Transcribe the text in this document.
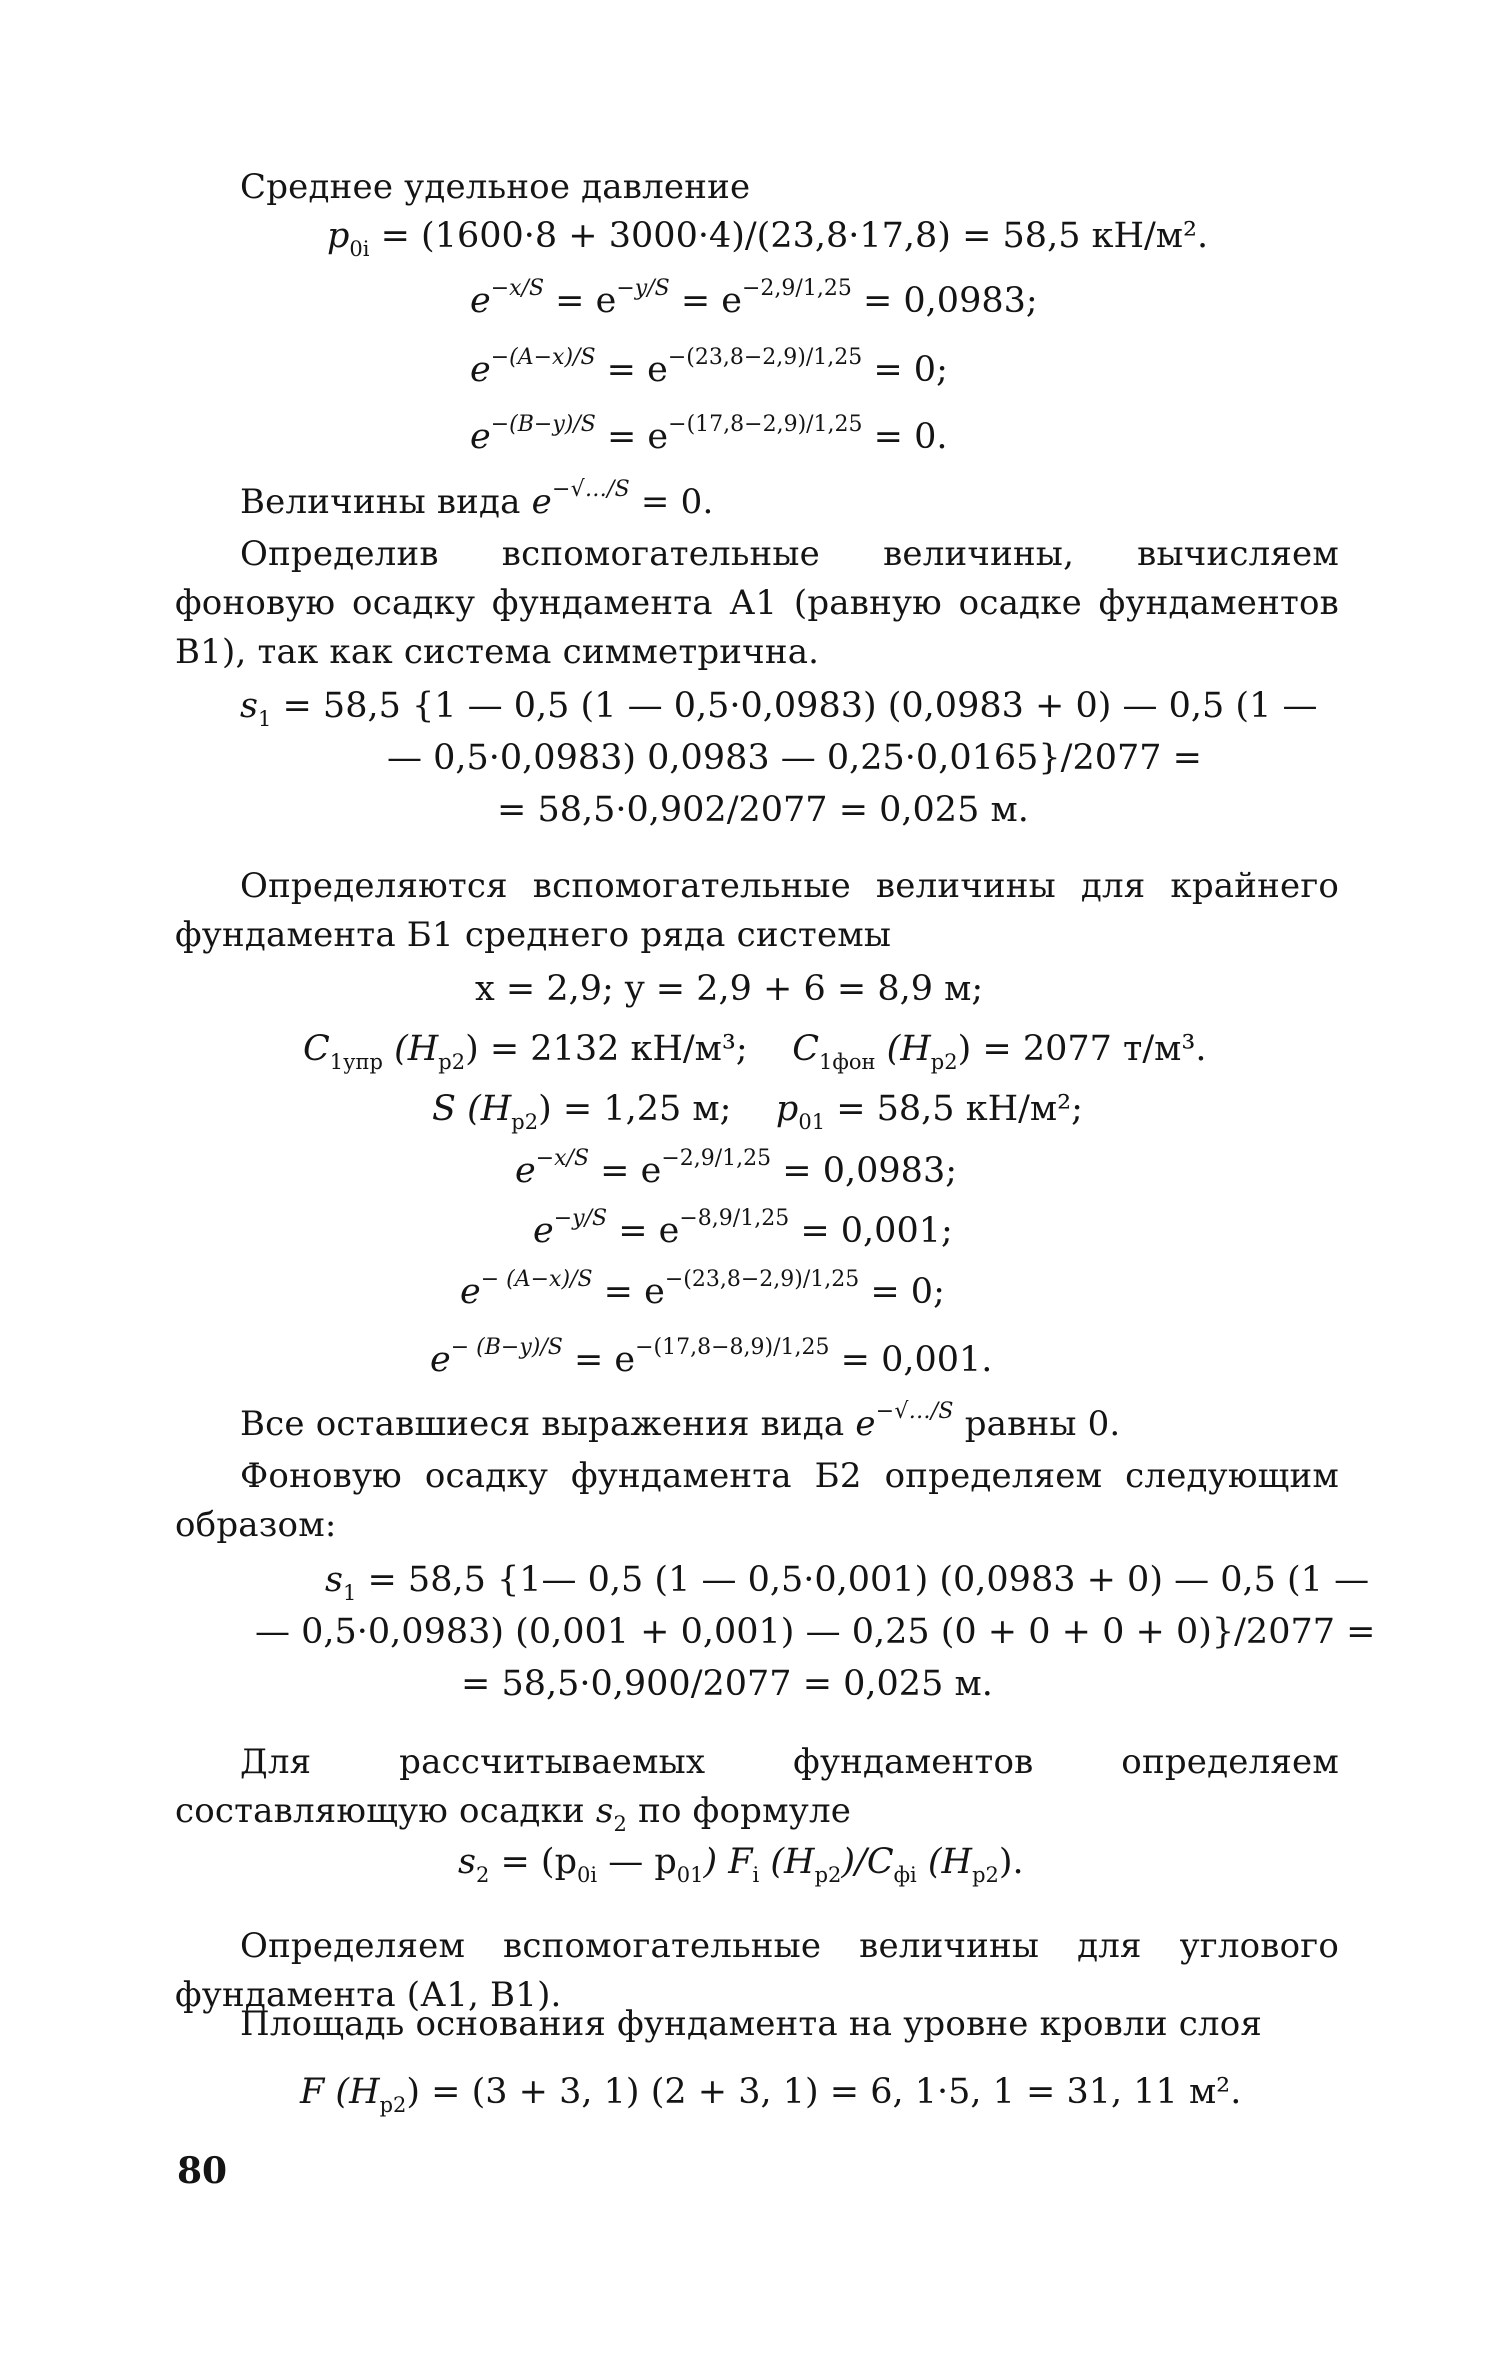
Среднее удельное давление

$p_{0i} = (1600\cdot 8 + 3000\cdot 4)/(23,8\cdot 17,8) = 58,5$ кН/м².
$e^{-x/S} = e^{-y/S} = e^{-2,9/1,25} = 0,0983$;
$e^{-(A-x)/S} = e^{-(23,8-2,9)/1,25} = 0$;
$e^{-(B-y)/S} = e^{-(17,8-2,9)/1,25} = 0$.

Величины вида $e^{-√\dots/S} = 0$.

Определив вспомогательные величины, вычисляем фоновую осадку фундамента А1 (равную осадке фундаментов В1), так как система симметрична.

$s_1 = 58,5$ {1 — 0,5 (1 — 0,5·0,0983) (0,0983 + 0) — 0,5 (1 —
— 0,5·0,0983) 0,0983 — 0,25·0,0165}/2077 =
= 58,5·0,902/2077 = 0,025 м.

Определяются вспомогательные величины для крайнего фундамента Б1 среднего ряда системы

x = 2,9; y = 2,9 + 6 = 8,9 м;
$C_{1упр}$ $(H_{р2}) = 2132$ кН/м³; $C_{1фон}$ $(H_{р2}) = 2077$ т/м³.
S $(H_{р2}) = 1,25$ м; $p_{01} = 58,5$ кН/м²;
$e^{-x/S} = e^{-2,9/1,25} = 0,0983$;
$e^{-y/S} = e^{-8,9/1,25} = 0,001$;
$e^{- (A-x)/S} = e^{-(23,8-2,9)/1,25} = 0$;
$e^{- (B-y)/S} = e^{-(17,8-8,9)/1,25} = 0,001$.

Все оставшиеся выражения вида $e^{-√\dots/S}$ равны 0.

Фоновую осадку фундамента Б2 определяем следующим образом:

$s_1 = 58,5$ {1— 0,5 (1 — 0,5·0,001) (0,0983 + 0) — 0,5 (1 —
— 0,5·0,0983) (0,001 + 0,001) — 0,25 (0 + 0 + 0 + 0)}/2077 =
= 58,5·0,900/2077 = 0,025 м.

Для рассчитываемых фундаментов определяем составляющую осадки $s_2$ по формуле

$s_2 = (p_{0i}$ — $p_{01}$) $F_i$ $(H_{р2})/C_{фi}$ $(H_{р2})$.

Определяем вспомогательные величины для углового фундамента (А1, В1).

Площадь основания фундамента на уровне кровли слоя

F $(H_{р2}) = (3 + 3$, 1) (2 + 3, 1) = 6, 1·5, 1 = 31, 11 м².
80
